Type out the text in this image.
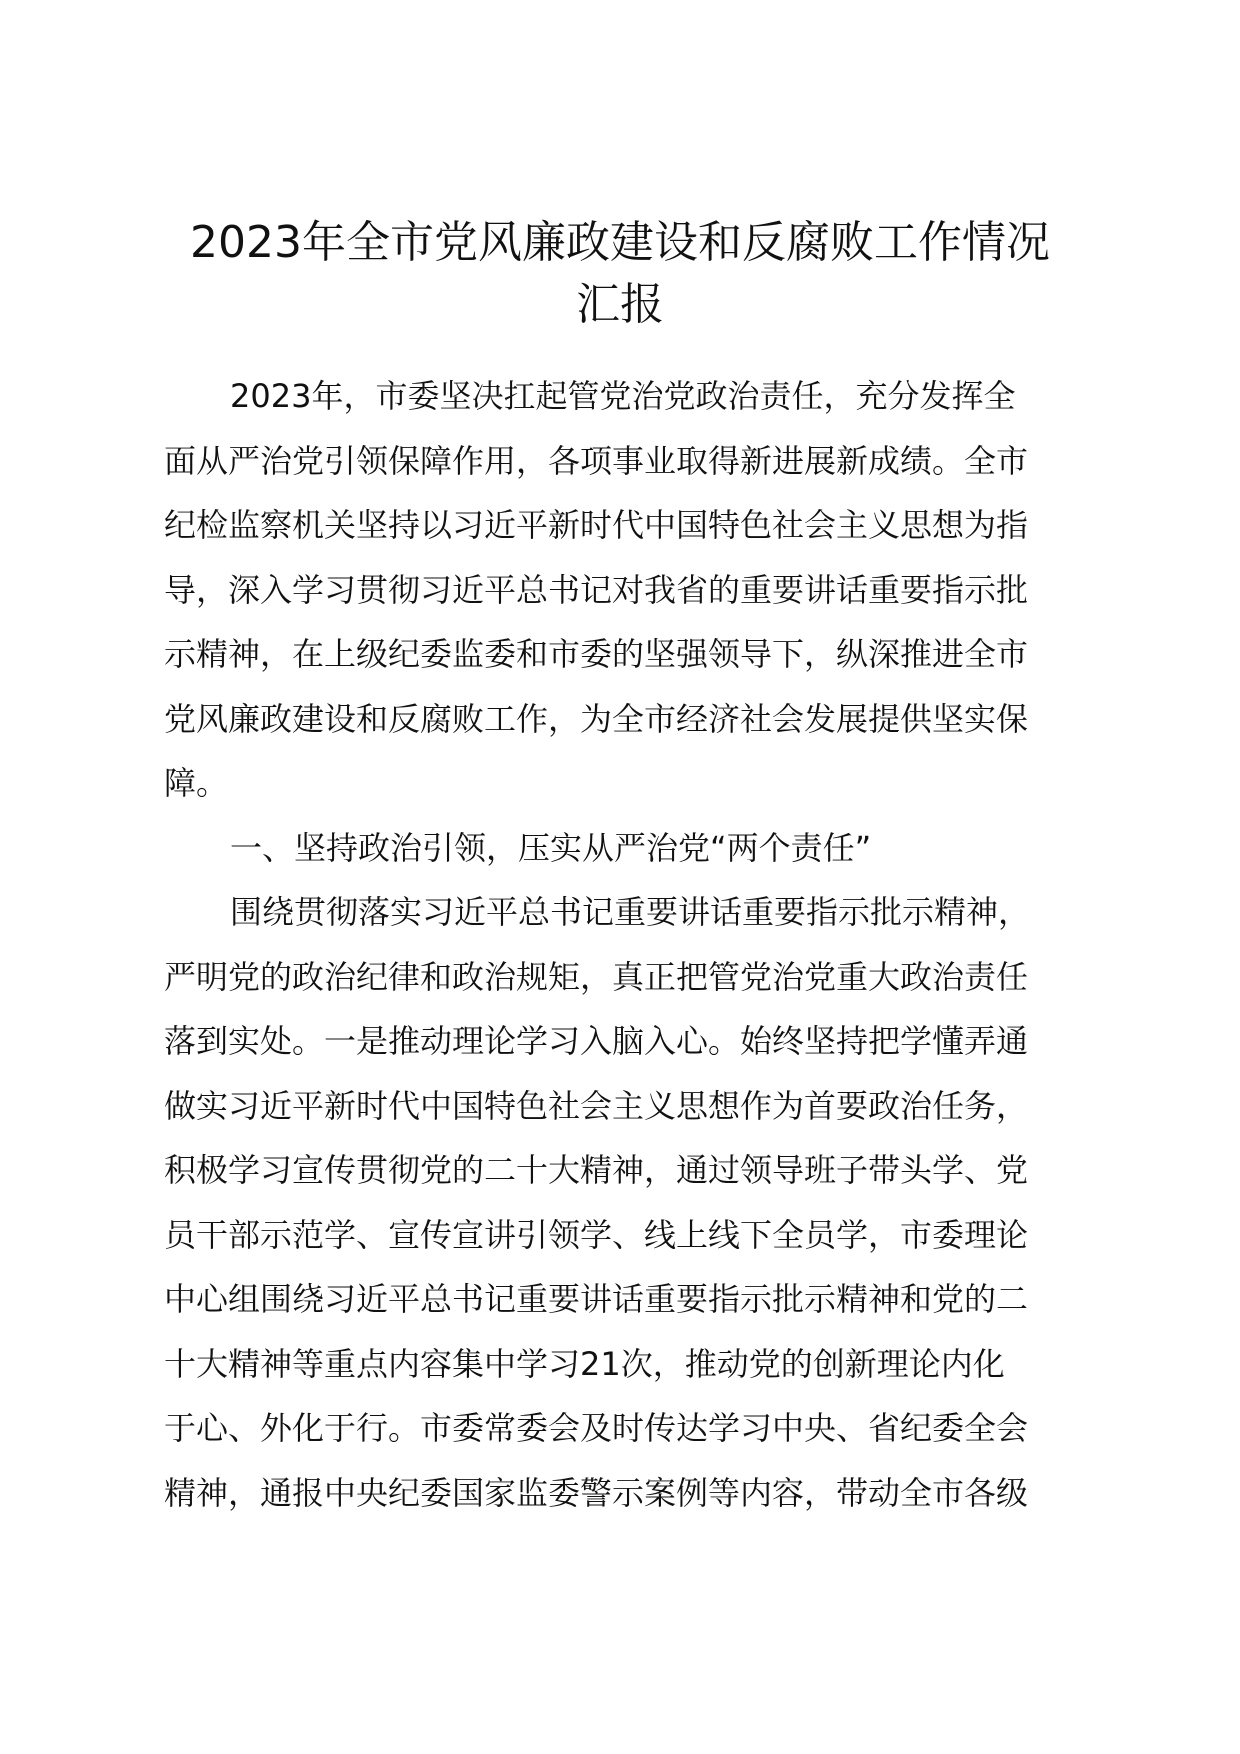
2023年全市党风廉政建设和反腐败工作情况
汇报
2023年，市委坚决扛起管党治党政治责任，充分发挥全
面从严治党引领保障作用，各项事业取得新进展新成绩。全市
纪检监察机关坚持以习近平新时代中国特色社会主义思想为指
导，深入学习贯彻习近平总书记对我省的重要讲话重要指示批
示精神，在上级纪委监委和市委的坚强领导下，纵深推进全市
党风廉政建设和反腐败工作，为全市经济社会发展提供坚实保
障。
一、坚持政治引领，压实从严治党“两个责任”
围绕贯彻落实习近平总书记重要讲话重要指示批示精神，
严明党的政治纪律和政治规矩，真正把管党治党重大政治责任
落到实处。一是推动理论学习入脑入心。始终坚持把学懂弄通
做实习近平新时代中国特色社会主义思想作为首要政治任务，
积极学习宣传贯彻党的二十大精神，通过领导班子带头学、党
员干部示范学、宣传宣讲引领学、线上线下全员学，市委理论
中心组围绕习近平总书记重要讲话重要指示批示精神和党的二
十大精神等重点内容集中学习21次，推动党的创新理论内化
于心、外化于行。市委常委会及时传达学习中央、省纪委全会
精神，通报中央纪委国家监委警示案例等内容，带动全市各级
